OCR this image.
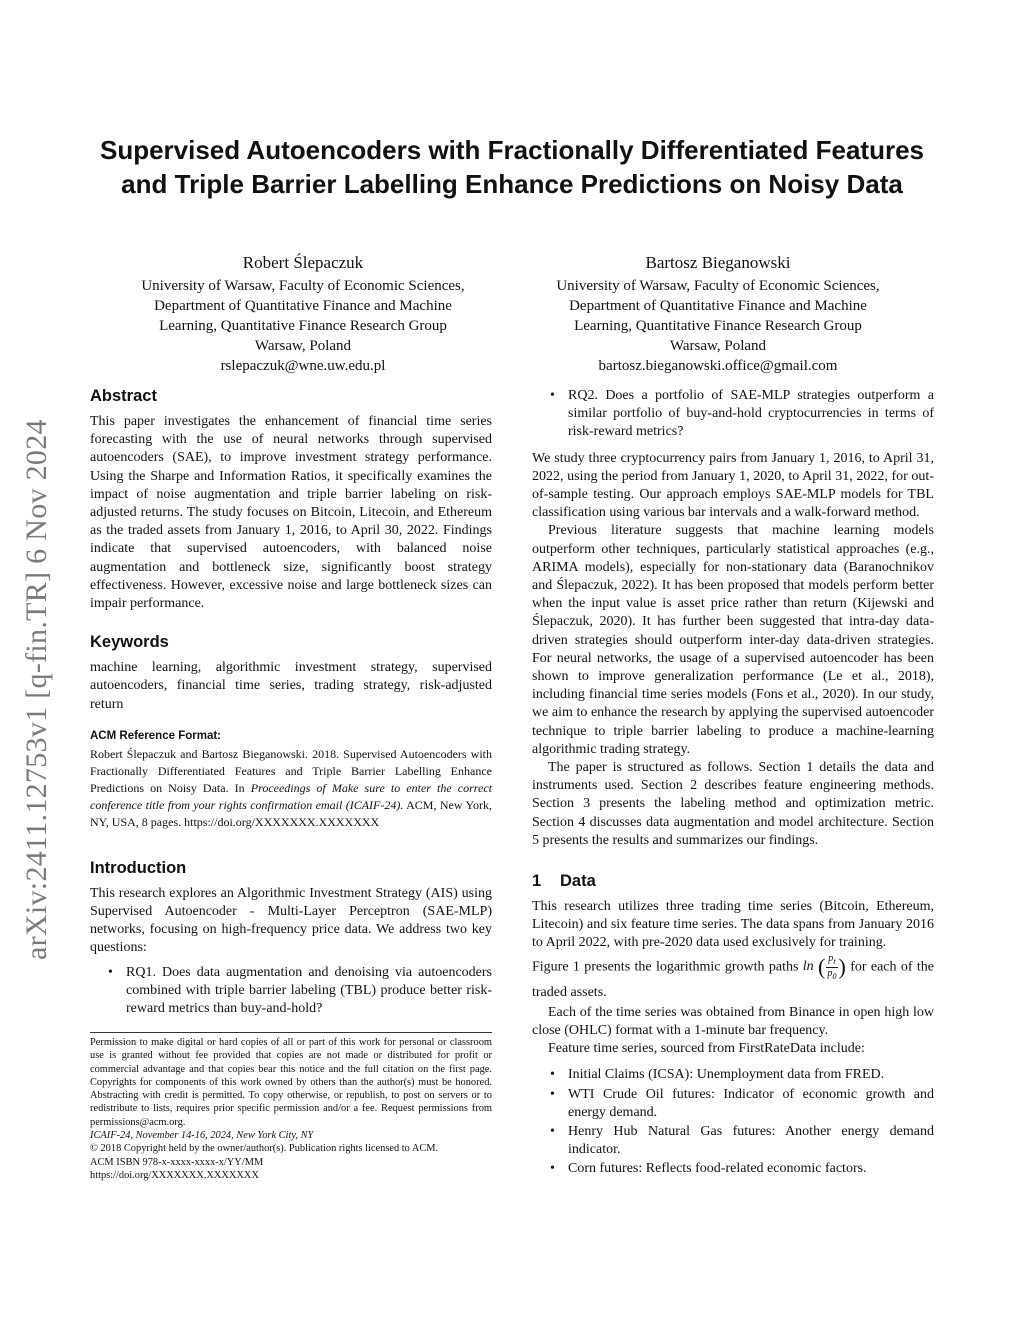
arXiv:2411.12753v1 [q-fin.TR] 6 Nov 2024
Supervised Autoencoders with Fractionally Differentiated Features and Triple Barrier Labelling Enhance Predictions on Noisy Data
Robert Ślepaczuk
University of Warsaw, Faculty of Economic Sciences,
Department of Quantitative Finance and Machine
Learning, Quantitative Finance Research Group
Warsaw, Poland
rslepaczuk@wne.uw.edu.pl
Bartosz Bieganowski
University of Warsaw, Faculty of Economic Sciences,
Department of Quantitative Finance and Machine
Learning, Quantitative Finance Research Group
Warsaw, Poland
bartosz.bieganowski.office@gmail.com
Abstract

This paper investigates the enhancement of financial time series forecasting with the use of neural networks through supervised autoencoders (SAE), to improve investment strategy performance. Using the Sharpe and Information Ratios, it specifically examines the impact of noise augmentation and triple barrier labeling on risk-adjusted returns. The study focuses on Bitcoin, Litecoin, and Ethereum as the traded assets from January 1, 2016, to April 30, 2022. Findings indicate that supervised autoencoders, with balanced noise augmentation and bottleneck size, significantly boost strategy effectiveness. However, excessive noise and large bottleneck sizes can impair performance.

Keywords

machine learning, algorithmic investment strategy, supervised autoencoders, financial time series, trading strategy, risk-adjusted return

ACM Reference Format:
Robert Ślepaczuk and Bartosz Bieganowski. 2018. Supervised Autoencoders with Fractionally Differentiated Features and Triple Barrier Labelling Enhance Predictions on Noisy Data. In Proceedings of Make sure to enter the correct conference title from your rights confirmation email (ICAIF-24). ACM, New York, NY, USA, 8 pages. https://doi.org/XXXXXXX.XXXXXXX
Introduction

This research explores an Algorithmic Investment Strategy (AIS) using Supervised Autoencoder - Multi-Layer Perceptron (SAE-MLP) networks, focusing on high-frequency price data. We address two key questions:

• RQ1. Does data augmentation and denoising via autoencoders combined with triple barrier labeling (TBL) produce better risk-reward metrics than buy-and-hold?

Permission to make digital or hard copies of all or part of this work for personal or classroom use is granted without fee provided that copies are not made or distributed for profit or commercial advantage and that copies bear this notice and the full citation on the first page. Copyrights for components of this work owned by others than the author(s) must be honored. Abstracting with credit is permitted. To copy otherwise, or republish, to post on servers or to redistribute to lists, requires prior specific permission and/or a fee. Request permissions from permissions@acm.org.

ICAIF-24, November 14-16, 2024, New York City, NY
© 2018 Copyright held by the owner/author(s). Publication rights licensed to ACM.
ACM ISBN 978-x-xxxx-xxxx-x/YY/MM
https://doi.org/XXXXXXX.XXXXXXX
• RQ2. Does a portfolio of SAE-MLP strategies outperform a similar portfolio of buy-and-hold cryptocurrencies in terms of risk-reward metrics?

We study three cryptocurrency pairs from January 1, 2016, to April 31, 2022, using the period from January 1, 2020, to April 31, 2022, for out-of-sample testing. Our approach employs SAE-MLP models for TBL classification using various bar intervals and a walk-forward method.

Previous literature suggests that machine learning models outperform other techniques, particularly statistical approaches (e.g., ARIMA models), especially for non-stationary data (Baranochnikov and Ślepaczuk, 2022). It has been proposed that models perform better when the input value is asset price rather than return (Kijewski and Ślepaczuk, 2020). It has further been suggested that intra-day data-driven strategies should outperform inter-day data-driven strategies. For neural networks, the usage of a supervised autoencoder has been shown to improve generalization performance (Le et al., 2018), including financial time series models (Fons et al., 2020). In our study, we aim to enhance the research by applying the supervised autoencoder technique to triple barrier labeling to produce a machine-learning algorithmic trading strategy.

The paper is structured as follows. Section 1 details the data and instruments used. Section 2 describes feature engineering methods. Section 3 presents the labeling method and optimization metric. Section 4 discusses data augmentation and model architecture. Section 5 presents the results and summarizes our findings.

1 Data

This research utilizes three trading time series (Bitcoin, Ethereum, Litecoin) and six feature time series. The data spans from January 2016 to April 2022, with pre-2020 data used exclusively for training.

Figure 1 presents the logarithmic growth paths ln ( $\frac{p_t}{p_0}$ ) for each of the traded assets.

Each of the time series was obtained from Binance in open high low close (OHLC) format with a 1-minute bar frequency.

Feature time series, sourced from FirstRateData include:

• Initial Claims (ICSA): Unemployment data from FRED.
• WTI Crude Oil futures: Indicator of economic growth and energy demand.
• Henry Hub Natural Gas futures: Another energy demand indicator.
• Corn futures: Reflects food-related economic factors.
